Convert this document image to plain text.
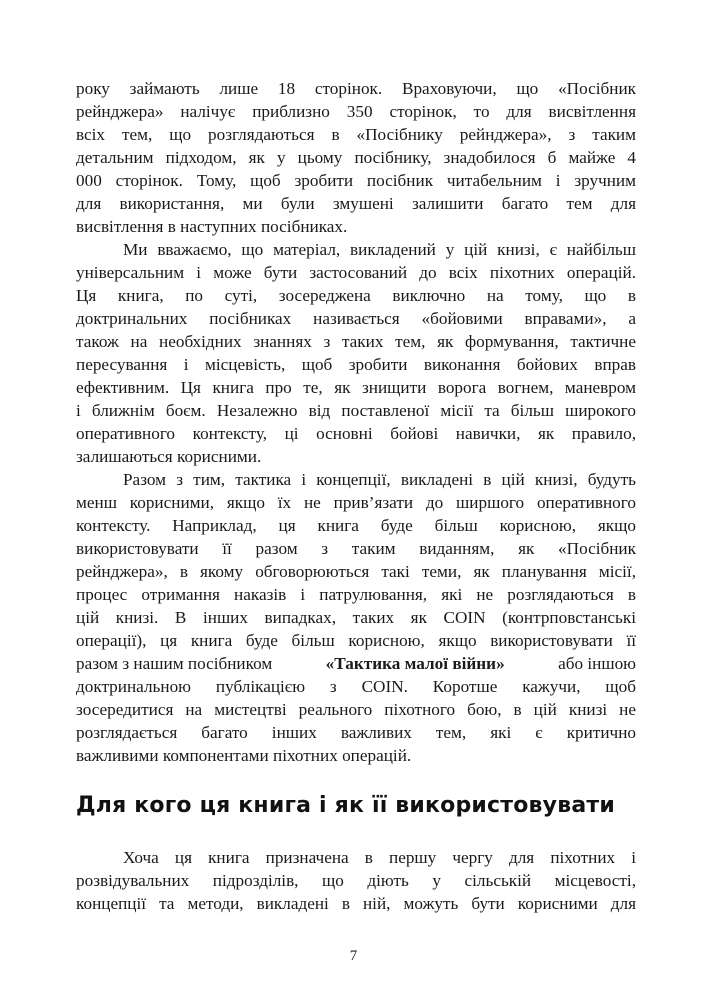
року займають лише 18 сторінок. Враховуючи, що «Посібник
рейнджера» налічує приблизно 350 сторінок, то для висвітлення
всіх тем, що розглядаються в «Посібнику рейнджера», з таким
детальним підходом, як у цьому посібнику, знадобилося б майже 4
000 сторінок. Тому, щоб зробити посібник читабельним і зручним
для використання, ми були змушені залишити багато тем для
висвітлення в наступних посібниках.
Ми вважаємо, що матеріал, викладений у цій книзі, є найбільш
універсальним і може бути застосований до всіх піхотних операцій.
Ця книга, по суті, зосереджена виключно на тому, що в
доктринальних посібниках називається «бойовими вправами», а
також на необхідних знаннях з таких тем, як формування, тактичне
пересування і місцевість, щоб зробити виконання бойових вправ
ефективним. Ця книга про те, як знищити ворога вогнем, маневром
і ближнім боєм. Незалежно від поставленої місії та більш широкого
оперативного контексту, ці основні бойові навички, як правило,
залишаються корисними.
Разом з тим, тактика і концепції, викладені в цій книзі, будуть
менш корисними, якщо їх не прив’язати до ширшого оперативного
контексту. Наприклад, ця книга буде більш корисною, якщо
використовувати її разом з таким виданням, як «Посібник
рейнджера», в якому обговорюються такі теми, як планування місії,
процес отримання наказів і патрулювання, які не розглядаються в
цій книзі. В інших випадках, таких як COIN (контрповстанські
операції), ця книга буде більш корисною, якщо використовувати її
разом з нашим посібником	«Тактика малої війни»	або іншою
доктринальною публікацією з COIN. Коротше кажучи, щоб
зосередитися на мистецтві реального піхотного бою, в цій книзі не
розглядається багато інших важливих тем, які є критично
важливими компонентами піхотних операцій.
Для кого ця книга і як її використовувати
Хоча ця книга призначена в першу чергу для піхотних і
розвідувальних підрозділів, що діють у сільській місцевості,
концепції та методи, викладені в ній, можуть бути корисними для
7
